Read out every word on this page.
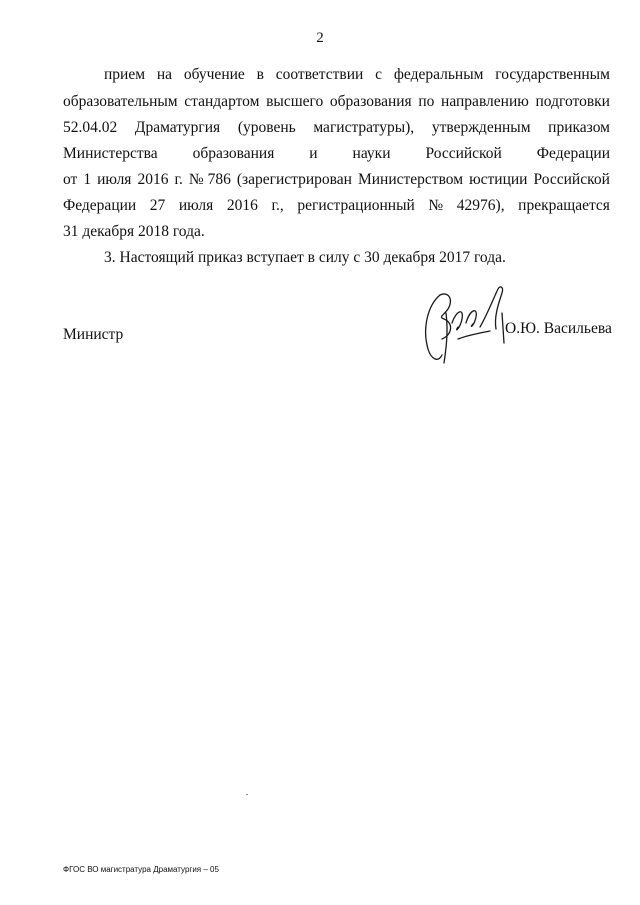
2
прием на обучение в соответствии с федеральным государственным
образовательным стандартом высшего образования по направлению подготовки
52.04.02 Драматургия (уровень магистратуры), утвержденным приказом
Министерства образования и науки Российской Федерации
от 1 июля 2016 г. № 786 (зарегистрирован Министерством юстиции Российской
Федерации 27 июля 2016 г., регистрационный № 42976), прекращается
31 декабря 2018 года.
3. Настоящий приказ вступает в силу с 30 декабря 2017 года.
Министр	О.Ю. Васильева
ФГОС ВО магистратура Драматургия – 05
